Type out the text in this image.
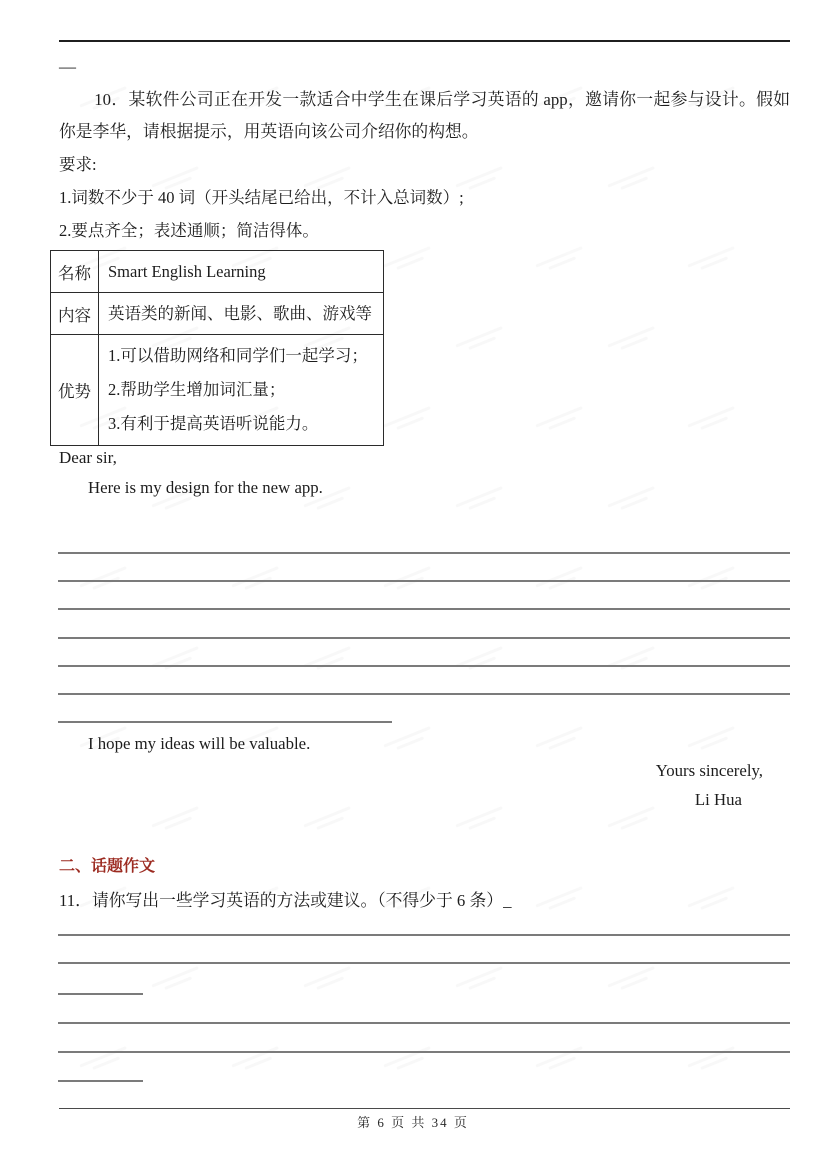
—
10．某软件公司正在开发一款适合中学生在课后学习英语的 app，邀请你一起参与设计。假如你是李华，请根据提示，用英语向该公司介绍你的构想。
要求:
1.词数不少于 40 词（开头结尾已给出，不计入总词数）;
2.要点齐全；表述通顺；简洁得体。
名称	Smart English Learning

内容	英语类的新闻、电影、歌曲、游戏等

优势	1.可以借助网络和同学们一起学习；
2.帮助学生增加词汇量；
3.有利于提高英语听说能力。
Dear sir,
Here is my design for the new app.
I hope my ideas will be valuable.
Yours sincerely,
Li Hua
二、话题作文
11．请你写出一些学习英语的方法或建议。（不得少于 6 条）_
第 6 页 共 34 页
